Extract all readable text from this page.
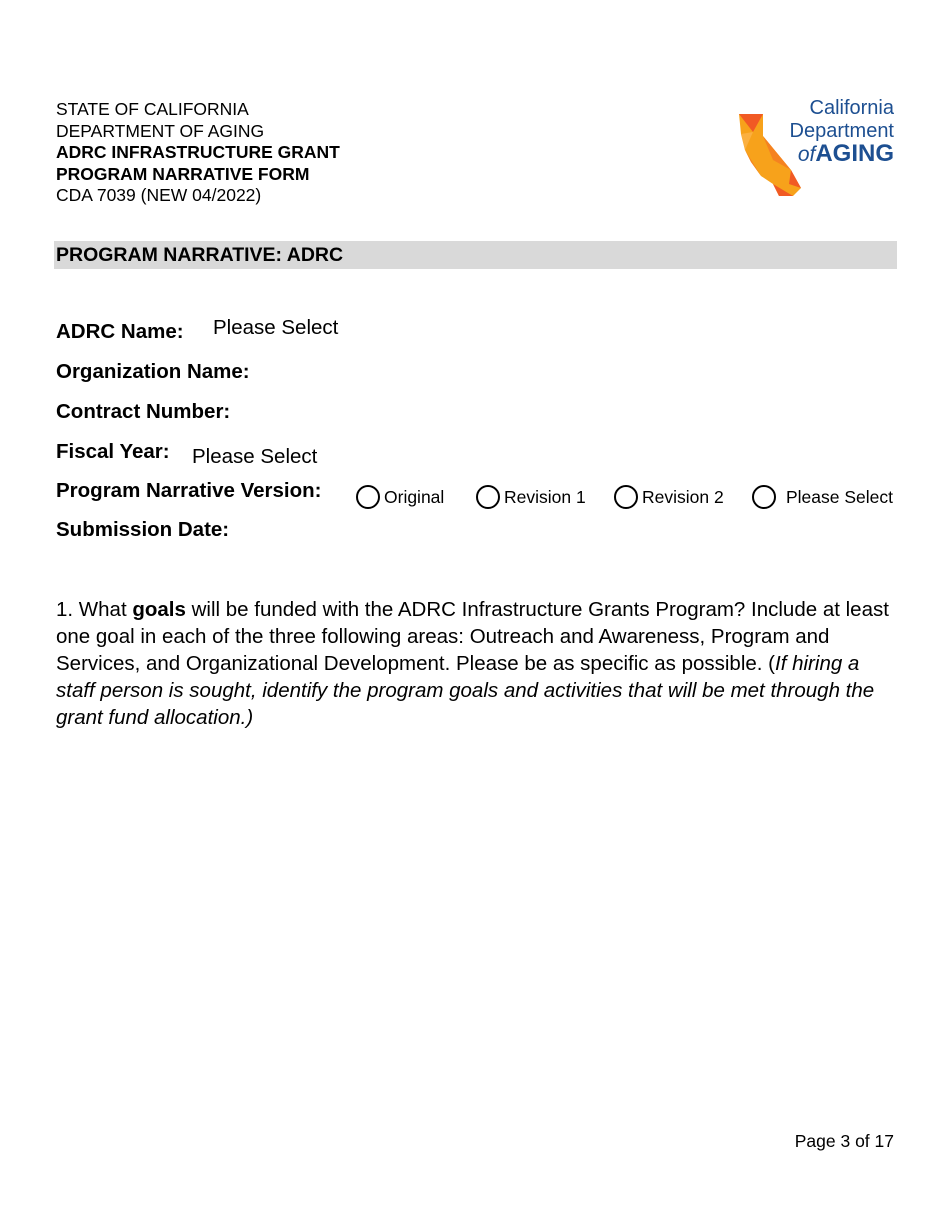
STATE OF CALIFORNIA
DEPARTMENT OF AGING
ADRC INFRASTRUCTURE GRANT
PROGRAM NARRATIVE FORM
CDA 7039 (NEW 04/2022)
California
Department
ofAGING
PROGRAM NARRATIVE: ADRC
ADRC Name: Please Select
Organization Name:
Contract Number:
Fiscal Year: Please Select
Program Narrative Version:	Original	Revision 1	Revision 2	Please Select
Submission Date:
1. What goals will be funded with the ADRC Infrastructure Grants Program? Include at least one goal in each of the three following areas: Outreach and Awareness, Program and Services, and Organizational Development. Please be as specific as possible. (If hiring a staff person is sought, identify the program goals and activities that will be met through the grant fund allocation.)
Page 3 of 17
